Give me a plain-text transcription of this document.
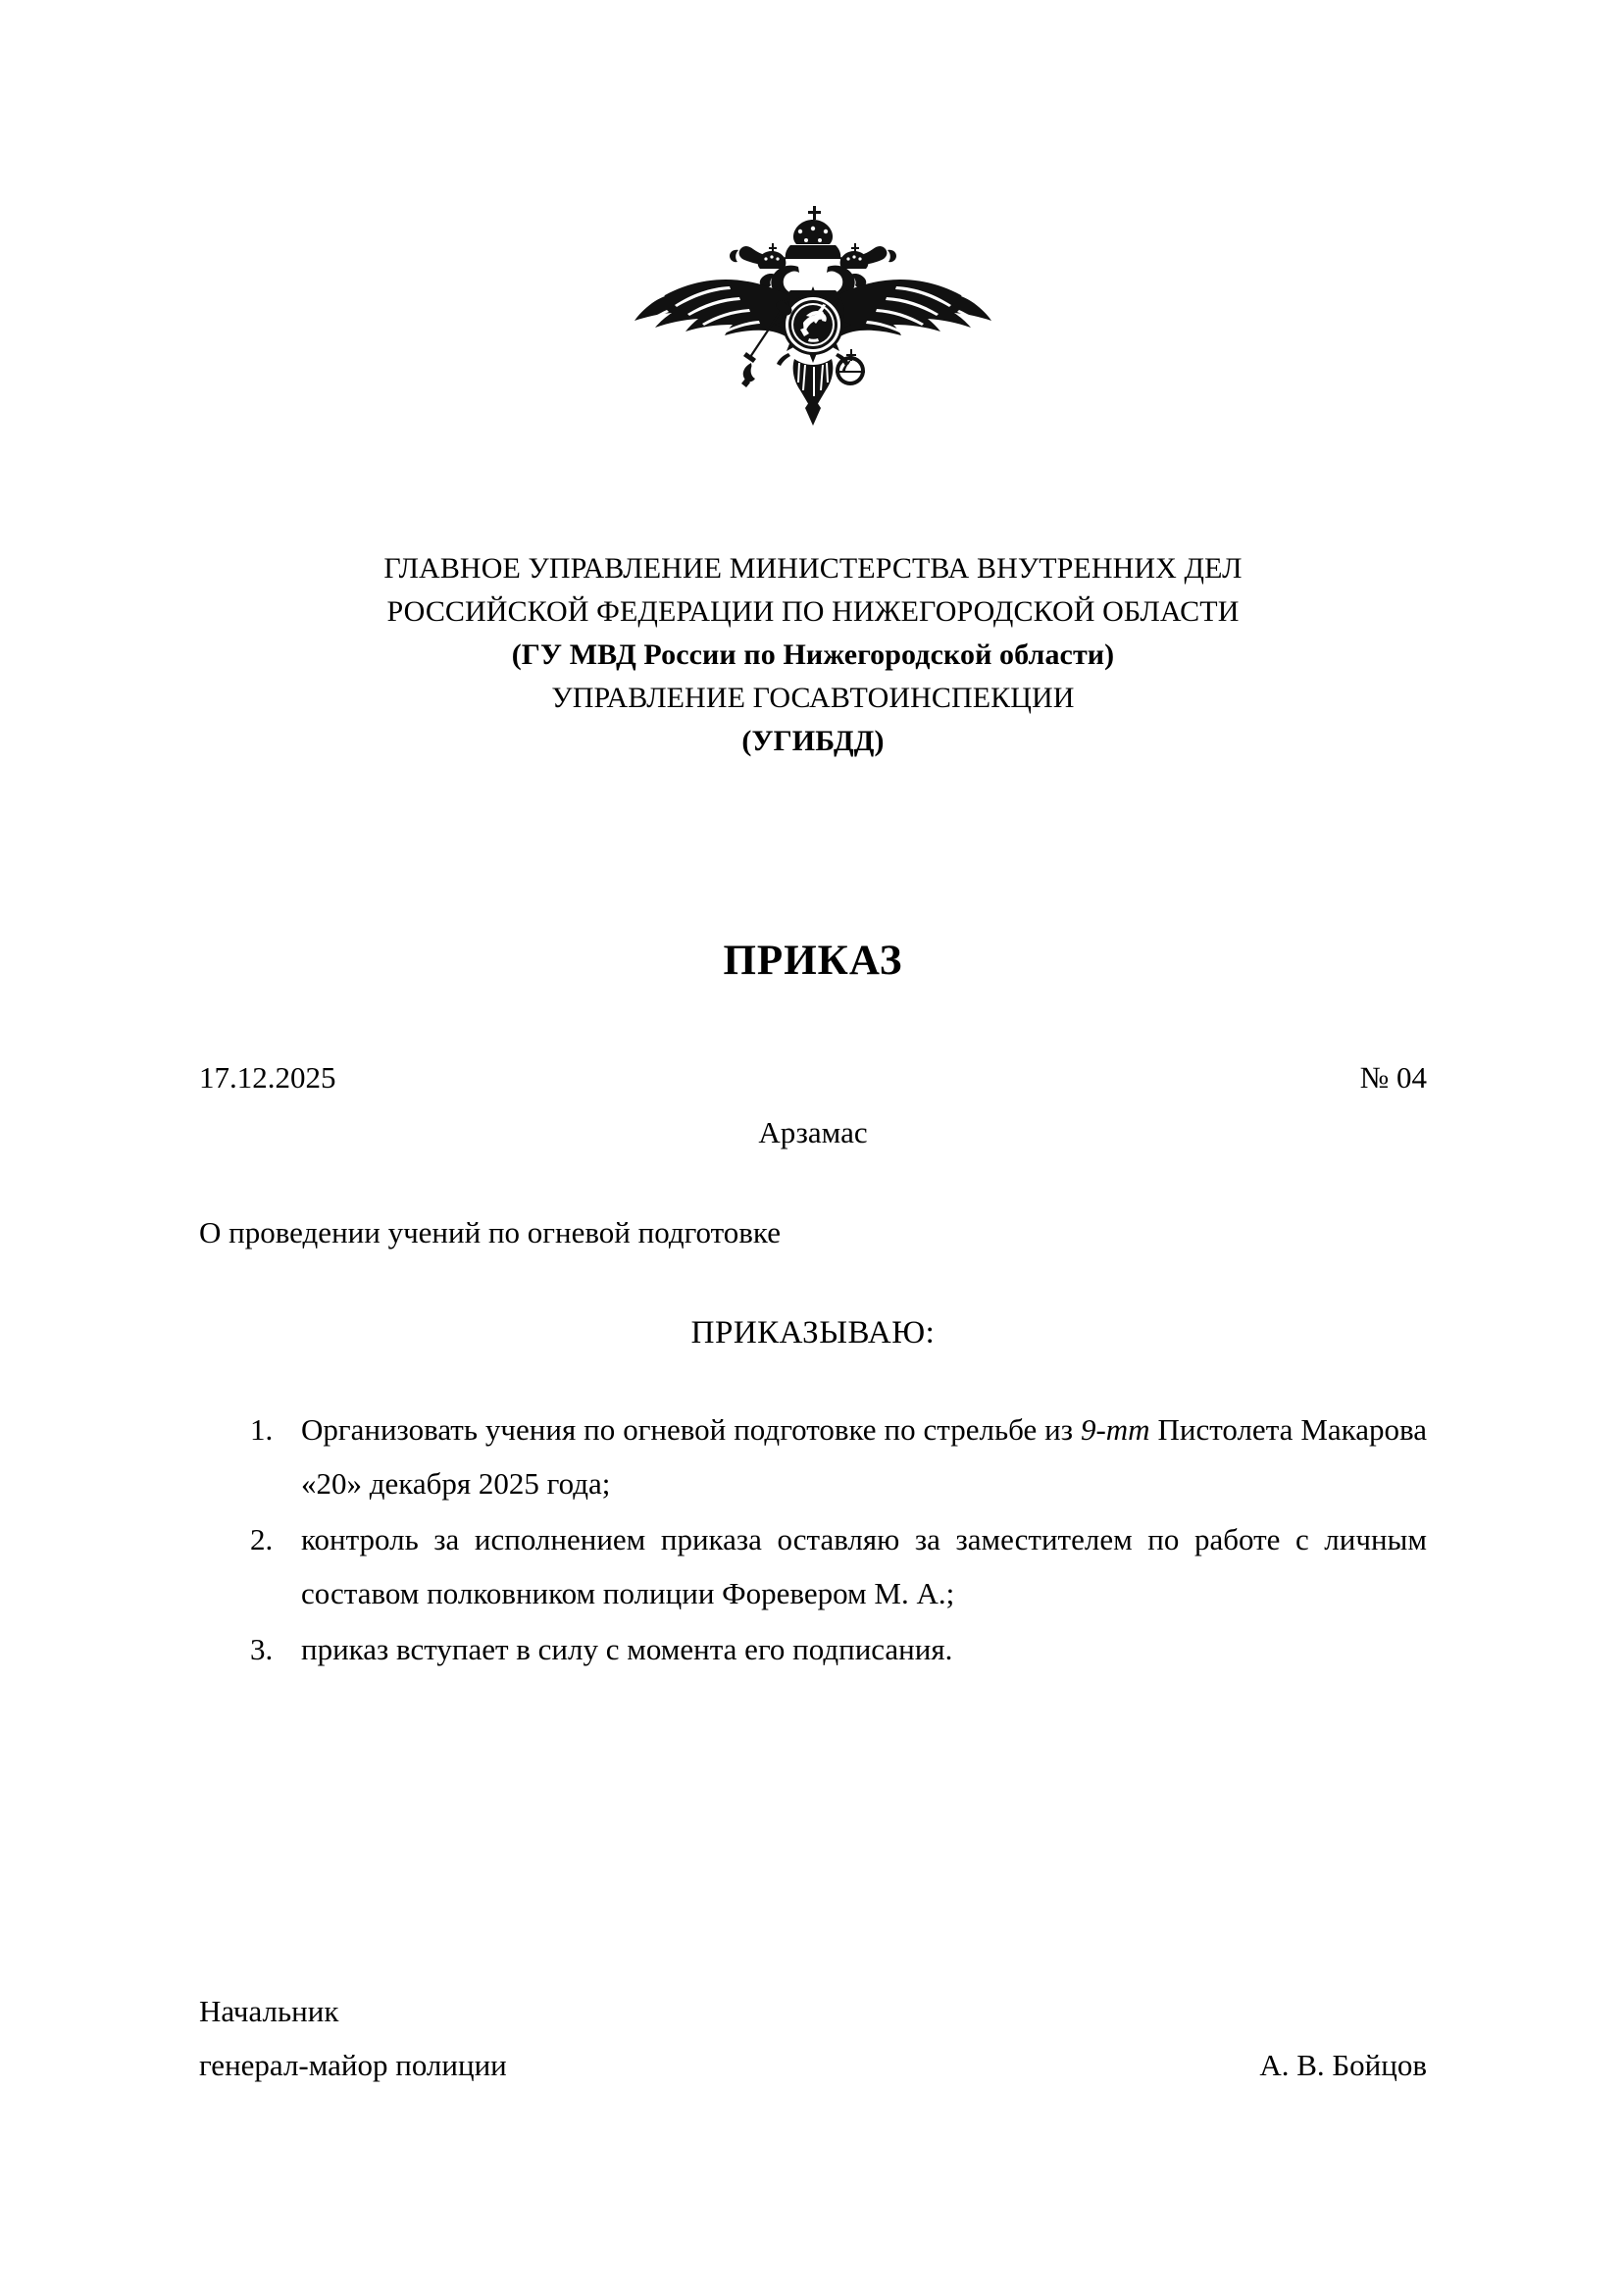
ГЛАВНОЕ УПРАВЛЕНИЕ МИНИСТЕРСТВА ВНУТРЕННИХ ДЕЛ
РОССИЙСКОЙ ФЕДЕРАЦИИ ПО НИЖЕГОРОДСКОЙ ОБЛАСТИ
(ГУ МВД России по Нижегородской области)
УПРАВЛЕНИЕ ГОСАВТОИНСПЕКЦИИ
(УГИБДД)
ПРИКАЗ
17.12.2025	№ 04
Арзамас
О проведении учений по огневой подготовке
ПРИКАЗЫВАЮ:
1. Организовать учения по огневой подготовке по стрельбе из 9-mm Пистолета Макарова «20» декабря 2025 года;
2. контроль за исполнением приказа оставляю за заместителем по работе с личным составом полковником полиции Форевером М. А.;
3. приказ вступает в силу с момента его подписания.
Начальник
генерал-майор полиции	А. В. Бойцов
